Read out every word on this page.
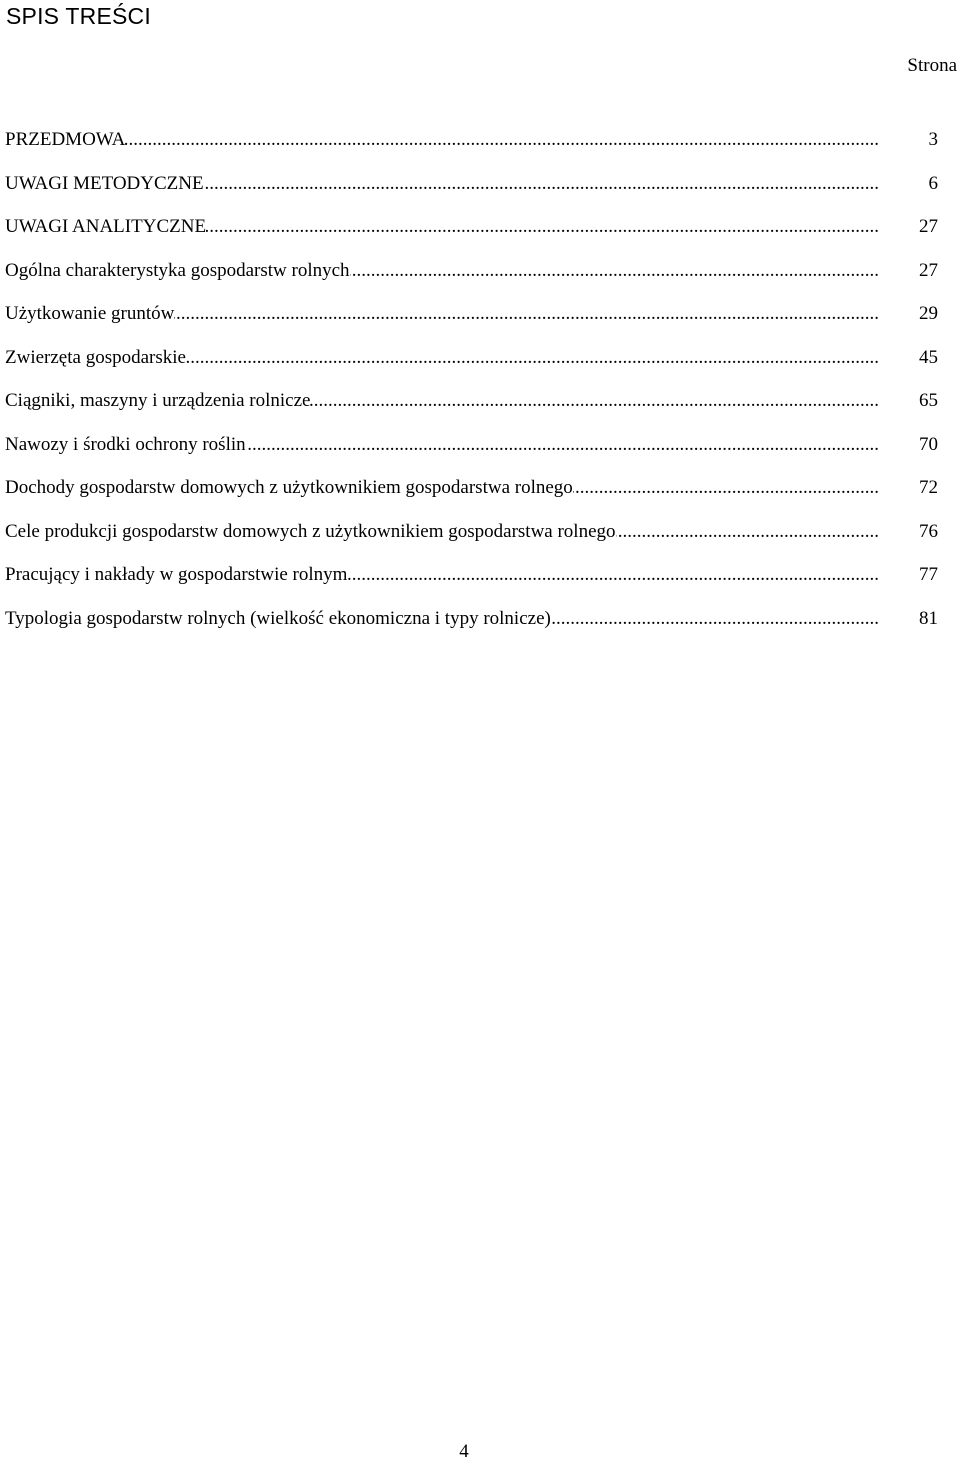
SPIS TREŚCI
Strona
PRZEDMOWA .....	3
UWAGI METODYCZNE .....	6
UWAGI ANALITYCZNE .....	27
Ogólna charakterystyka gospodarstw rolnych .....	27
Użytkowanie gruntów .....	29
Zwierzęta gospodarskie .....	45
Ciągniki, maszyny i urządzenia rolnicze .....	65
Nawozy i środki ochrony roślin .....	70
Dochody gospodarstw domowych z użytkownikiem gospodarstwa rolnego .....	72
Cele produkcji gospodarstw domowych z użytkownikiem gospodarstwa rolnego .....	76
Pracujący i nakłady w gospodarstwie rolnym .....	77
Typologia gospodarstw rolnych (wielkość ekonomiczna i typy rolnicze) .....	81
4
